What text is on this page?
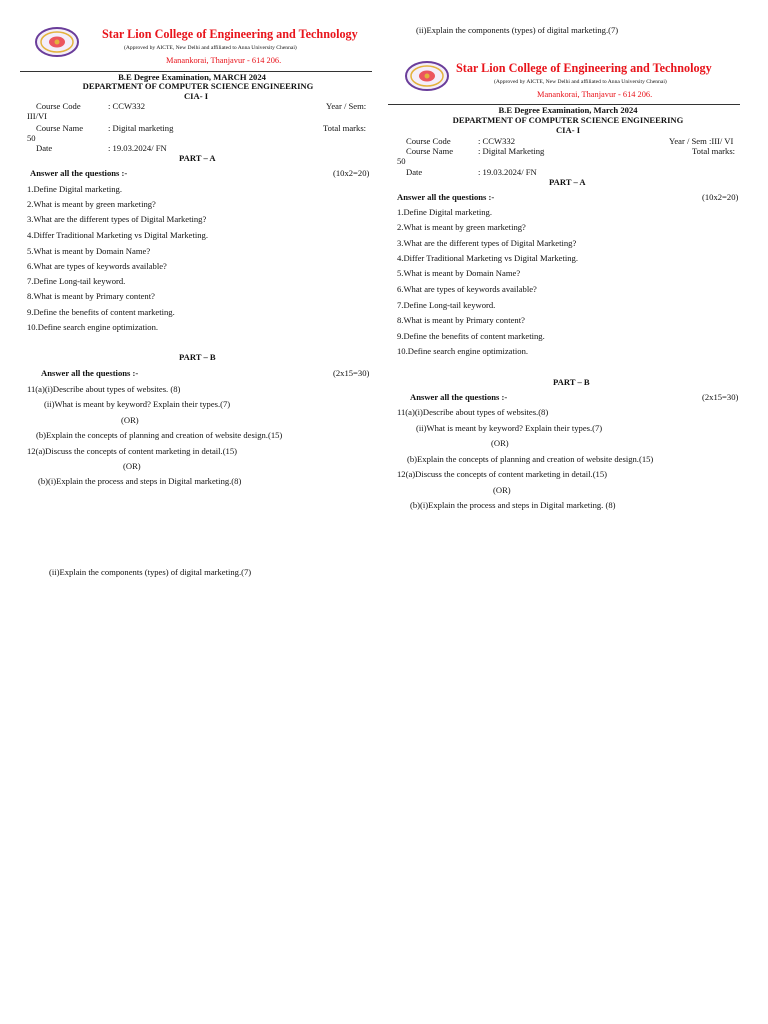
Star Lion College of Engineering and Technology
(Approved by AICTE, New Delhi and affiliated to Anna University Chennai)
Manankorai, Thanjavur - 614 206.
B.E Degree Examination, MARCH 2024
DEPARTMENT OF COMPUTER SCIENCE ENGINEERING
CIA- I
Course Code	: CCW332	Year / Sem:
III/VI
Course Name	: Digital marketing	Total marks:
50
Date	: 19.03.2024/ FN
PART – A
Answer all the questions :-	(10x2=20)
1.Define Digital marketing.
2.What is meant by green marketing?
3.What are the different types of Digital Marketing?
4.Differ Traditional Marketing vs Digital Marketing.
5.What is meant by Domain Name?
6.What are types of keywords available?
7.Define Long-tail keyword.
8.What is meant by Primary content?
9.Define the benefits of content marketing.
10.Define search engine optimization.
PART – B
Answer all the questions :-	(2x15=30)
11(a)(i)Describe about types of websites. (8)
(ii)What is meant by keyword? Explain their types.(7)
(OR)
(b)Explain the concepts of planning and creation of website design.(15)
12(a)Discuss the concepts of content marketing in detail.(15)
(OR)
(b)(i)Explain the process and steps in Digital marketing.(8)
(ii)Explain the components (types) of digital marketing.(7)
(ii)Explain the components (types) of digital marketing.(7)
Star Lion College of Engineering and Technology
(Approved by AICTE, New Delhi and affiliated to Anna University Chennai)
Manankorai, Thanjavur - 614 206.
B.E Degree Examination, March 2024
DEPARTMENT OF COMPUTER SCIENCE ENGINEERING
CIA- I
Course Code	: CCW332	Year / Sem :III/ VI
Course Name	: Digital Marketing	Total marks:
50
Date	: 19.03.2024/ FN
PART – A
Answer all the questions :-	(10x2=20)
1.Define Digital marketing.
2.What is meant by green marketing?
3.What are the different types of Digital Marketing?
4.Differ Traditional Marketing vs Digital Marketing.
5.What is meant by Domain Name?
6.What are types of keywords available?
7.Define Long-tail keyword.
8.What is meant by Primary content?
9.Define the benefits of content marketing.
10.Define search engine optimization.
PART – B
Answer all the questions :-	(2x15=30)
11(a)(i)Describe about types of websites.(8)
(ii)What is meant by keyword? Explain their types.(7)
(OR)
(b)Explain the concepts of planning and creation of website design.(15)
12(a)Discuss the concepts of content marketing in detail.(15)
(OR)
(b)(i)Explain the process and steps in Digital marketing. (8)
